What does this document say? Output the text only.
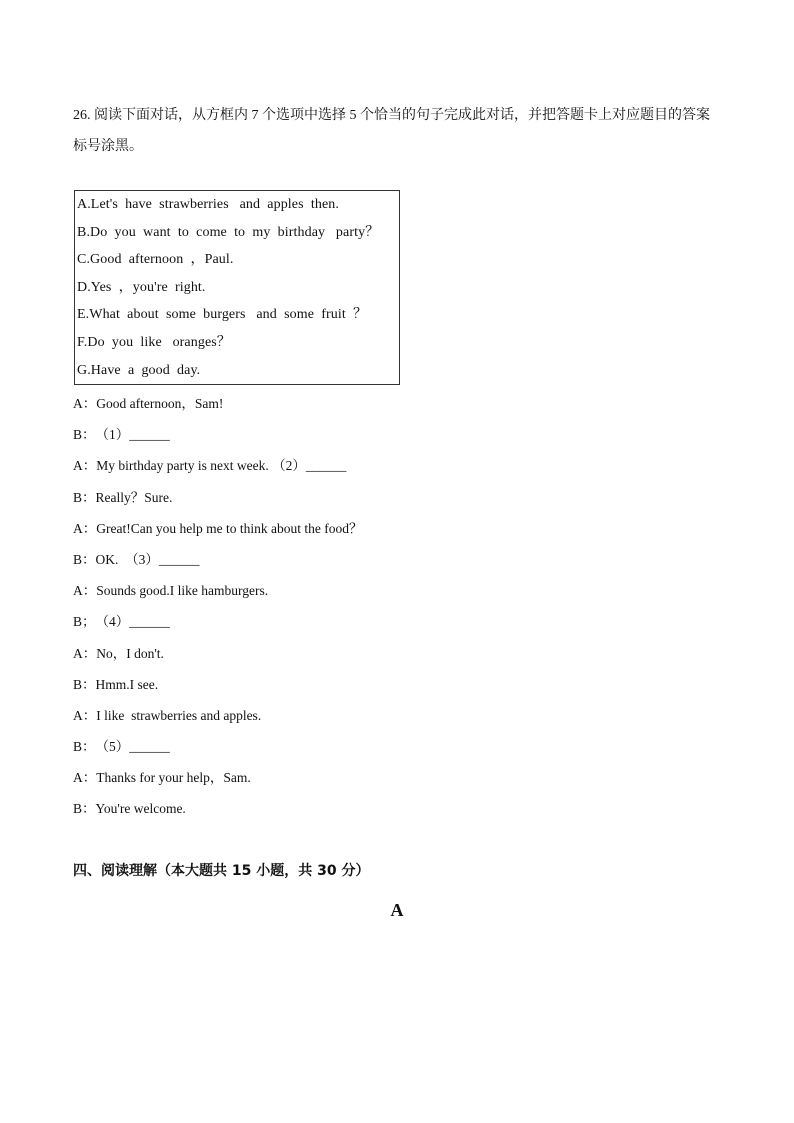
26. 阅读下面对话，从方框内 7 个选项中选择 5 个恰当的句子完成此对话，并把答题卡上对应题目的答案标号涂黑。
A.Let's  have  strawberries   and  apples  then.
B.Do  you  want  to  come  to  my  birthday   party？
C.Good  afternoon  ，Paul.
D.Yes  ，you're  right.
E.What  about  some  burgers   and  some  fruit  ？
F.Do  you  like   oranges？
G.Have  a  good  day.
A：Good afternoon，Sam!
B：（1）______
A：My birthday party is next week. （2）______
B：Really？Sure.
A：Great!Can you help me to think about the food？
B：OK.  （3）______
A：Sounds good.I like hamburgers.
B；（4）______
A：No，I don't.
B：Hmm.I see.
A：I like  strawberries and apples.
B：（5）______
A：Thanks for your help，Sam.
B：You're welcome.
四、阅读理解（本大题共 15 小题，共 30 分）
A
